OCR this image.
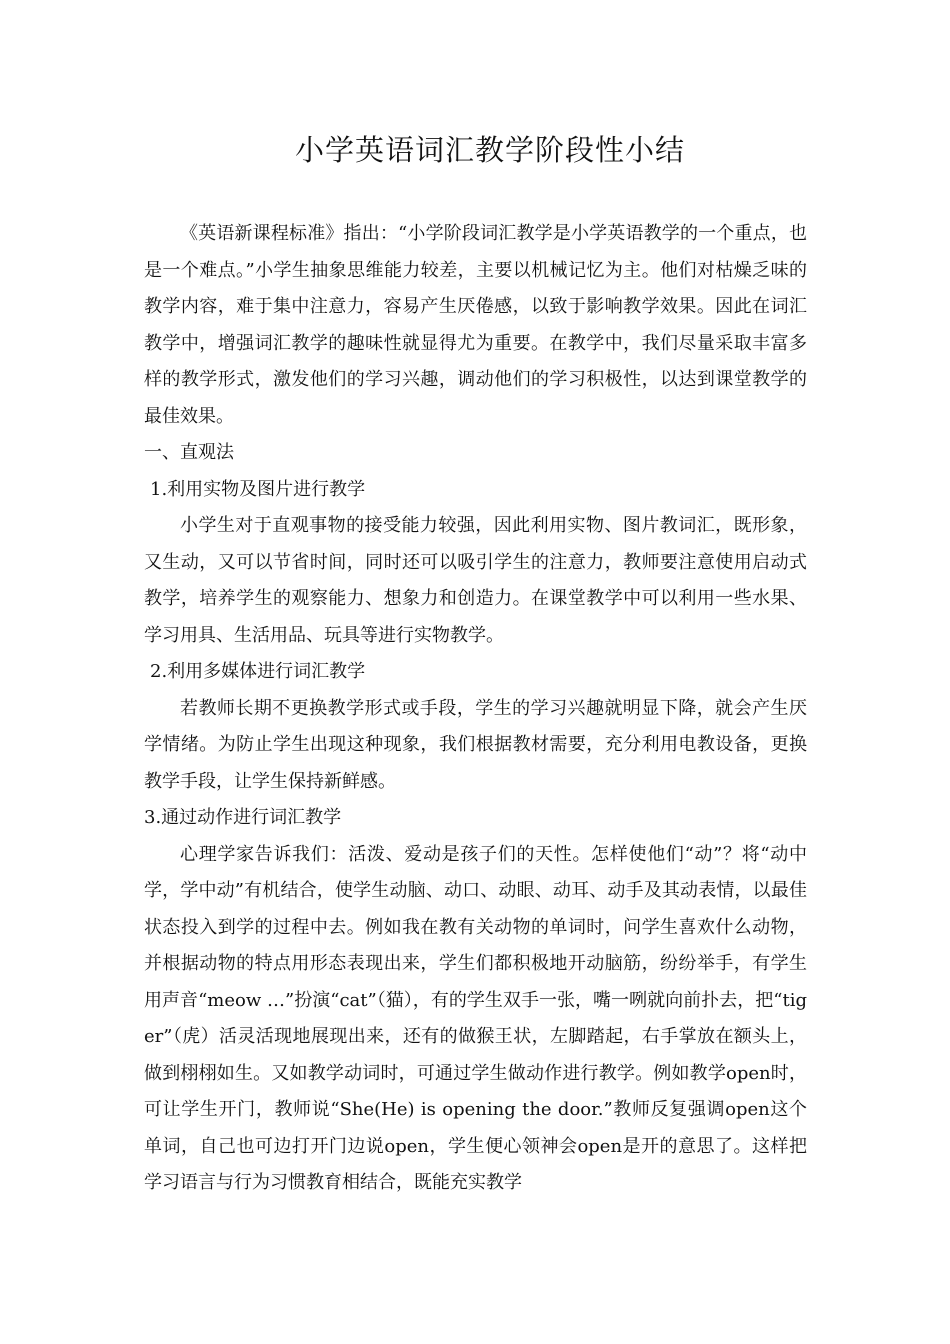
小学英语词汇教学阶段性小结

《英语新课程标准》指出：“小学阶段词汇教学是小学英语教学的一个重点，也是一个难点。”小学生抽象思维能力较差，主要以机械记忆为主。他们对枯燥乏味的教学内容，难于集中注意力，容易产生厌倦感，以致于影响教学效果。因此在词汇教学中，增强词汇教学的趣味性就显得尤为重要。在教学中，我们尽量采取丰富多样的教学形式，激发他们的学习兴趣，调动他们的学习积极性，以达到课堂教学的最佳效果。

一、直观法

1.利用实物及图片进行教学

小学生对于直观事物的接受能力较强，因此利用实物、图片教词汇，既形象，又生动，又可以节省时间，同时还可以吸引学生的注意力，教师要注意使用启动式教学，培养学生的观察能力、想象力和创造力。在课堂教学中可以利用一些水果、学习用具、生活用品、玩具等进行实物教学。

2.利用多媒体进行词汇教学

若教师长期不更换教学形式或手段，学生的学习兴趣就明显下降，就会产生厌学情绪。为防止学生出现这种现象，我们根据教材需要，充分利用电教设备，更换教学手段，让学生保持新鲜感。

3.通过动作进行词汇教学

心理学家告诉我们：活泼、爱动是孩子们的天性。怎样使他们“动”？将“动中学，学中动”有机结合，使学生动脑、动口、动眼、动耳、动手及其动表情，以最佳状态投入到学的过程中去。例如我在教有关动物的单词时，问学生喜欢什么动物，并根据动物的特点用形态表现出来，学生们都积极地开动脑筋，纷纷举手，有学生用声音“meow …”扮演“cat”（猫），有的学生双手一张，嘴一咧就向前扑去，把“tiger”（虎）活灵活现地展现出来，还有的做猴王状，左脚踏起，右手掌放在额头上，做到栩栩如生。又如教学动词时，可通过学生做动作进行教学。例如教学open时，可让学生开门，教师说“She(He) is opening the door.”教师反复强调open这个单词，自己也可边打开门边说open，学生便心领神会open是开的意思了。这样把学习语言与行为习惯教育相结合，既能充实教学
